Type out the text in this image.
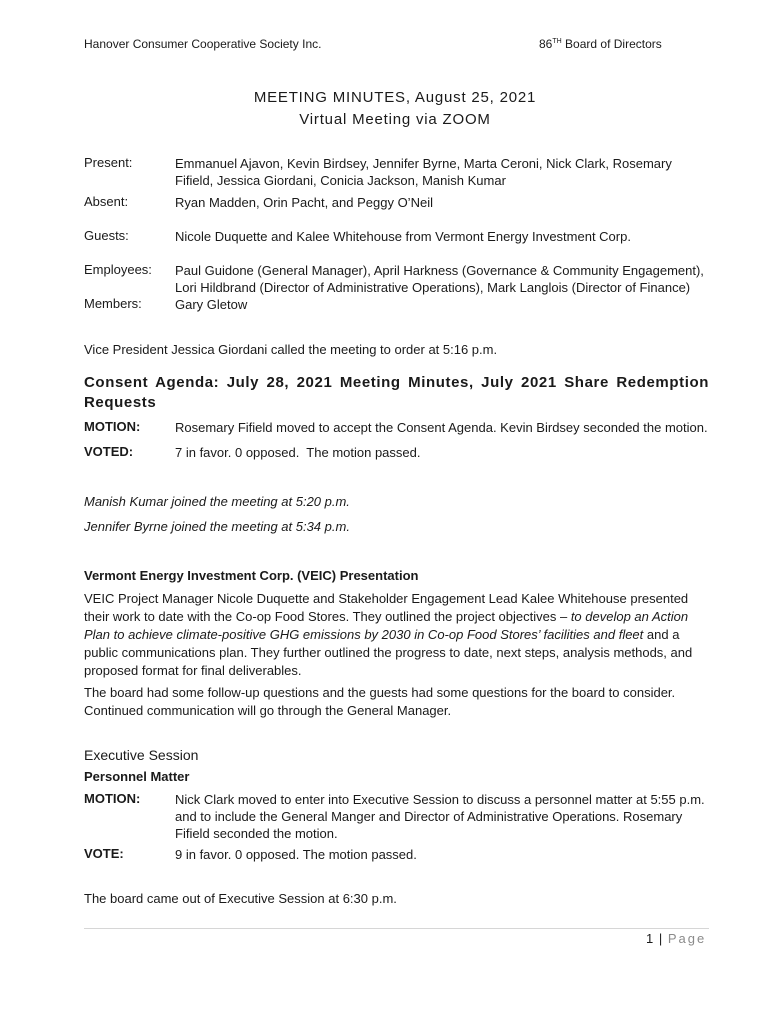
Hanover Consumer Cooperative Society Inc.	86TH Board of Directors
MEETING MINUTES, August 25, 2021
Virtual Meeting via ZOOM
Present:	Emmanuel Ajavon, Kevin Birdsey, Jennifer Byrne, Marta Ceroni, Nick Clark, Rosemary
Fifield, Jessica Giordani, Conicia Jackson, Manish Kumar
Absent:	Ryan Madden, Orin Pacht, and Peggy O’Neil
Guests:	Nicole Duquette and Kalee Whitehouse from Vermont Energy Investment Corp.
Employees: Paul Guidone (General Manager), April Harkness (Governance & Community Engagement),
Lori Hildbrand (Director of Administrative Operations), Mark Langlois (Director of Finance)
Members:	Gary Gletow
Vice President Jessica Giordani called the meeting to order at 5:16 p.m.
Consent Agenda: July 28, 2021 Meeting Minutes, July 2021 Share Redemption Requests
MOTION:	Rosemary Fifield moved to accept the Consent Agenda. Kevin Birdsey seconded the motion.
VOTED:	7 in favor. 0 opposed.  The motion passed.
Manish Kumar joined the meeting at 5:20 p.m.
Jennifer Byrne joined the meeting at 5:34 p.m.
Vermont Energy Investment Corp. (VEIC) Presentation
VEIC Project Manager Nicole Duquette and Stakeholder Engagement Lead Kalee Whitehouse presented their work to date with the Co-op Food Stores. They outlined the project objectives – to develop an Action Plan to achieve climate-positive GHG emissions by 2030 in Co-op Food Stores’ facilities and fleet and a public communications plan. They further outlined the progress to date, next steps, analysis methods, and proposed format for final deliverables.
The board had some follow-up questions and the guests had some questions for the board to consider. Continued communication will go through the General Manager.
Executive Session
Personnel Matter
MOTION:	Nick Clark moved to enter into Executive Session to discuss a personnel matter at 5:55 p.m. and to include the General Manger and Director of Administrative Operations. Rosemary Fifield seconded the motion.
VOTE:	9 in favor. 0 opposed. The motion passed.
The board came out of Executive Session at 6:30 p.m.
1 | Page
